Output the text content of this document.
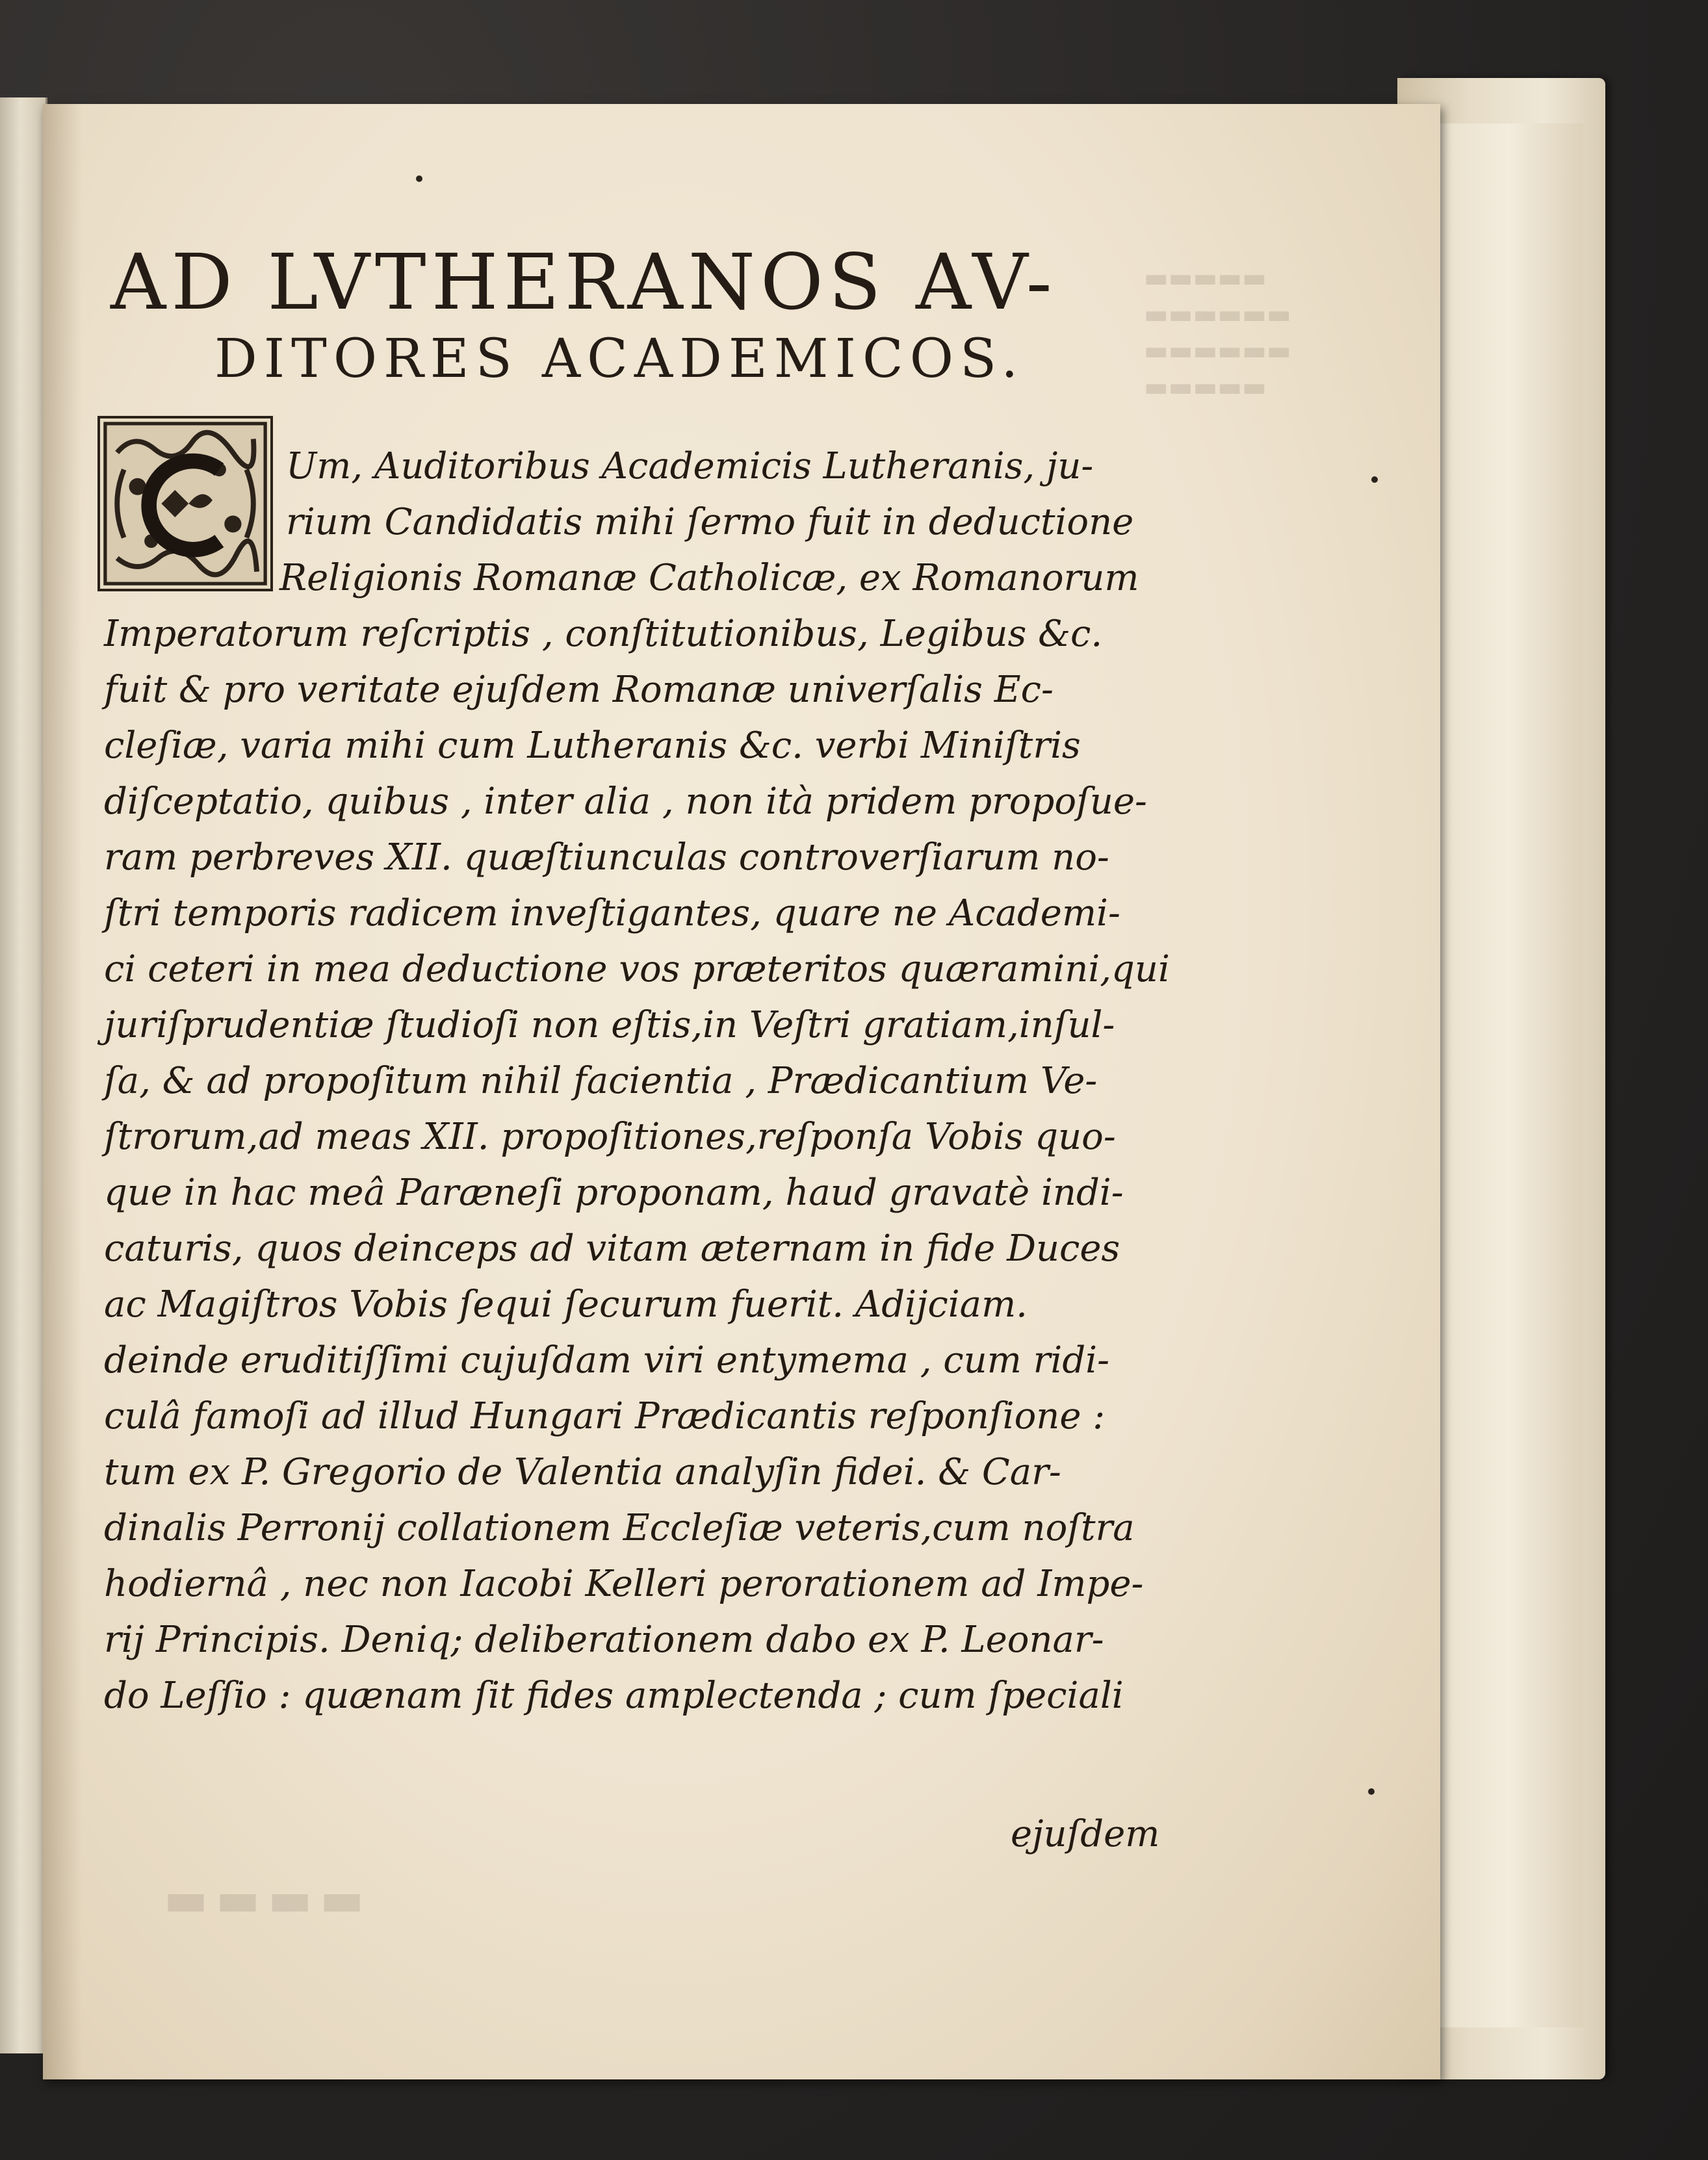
▬▬▬▬▬
▬▬▬▬▬▬
▬▬▬▬▬▬
▬▬▬▬▬
▬▬▬▬
AD LVTHERANOS AV-
DITORES ACADEMICOS.
Um, Auditoribus Academicis Lutheranis, ju-
rium Candidatis mihi ſermo fuit in deductione
Religionis Romanæ Catholicæ, ex Romanorum
Imperatorum reſcriptis , conſtitutionibus, Legibus &c.
fuit & pro veritate ejuſdem Romanæ univerſalis Ec-
cleſiæ, varia mihi cum Lutheranis &c. verbi Miniſtris
diſceptatio, quibus , inter alia , non ità pridem propoſue-
ram perbreves XII. quæſtiunculas controverſiarum no-
ſtri temporis radicem inveſtigantes, quare ne Academi-
ci ceteri in mea deductione vos præteritos quæramini,qui
juriſprudentiæ ſtudioſi non eſtis,in Veſtri gratiam,inſul-
ſa, & ad propoſitum nihil facientia , Prædicantium Ve-
ſtrorum,ad meas XII. propoſitiones,reſponſa Vobis quo-
que in hac meâ Paræneſi proponam, haud gravatè indi-
caturis, quos deinceps ad vitam æternam in fide Duces
ac Magiſtros Vobis ſequi ſecurum fuerit. Adijciam.
deinde eruditiſſimi cujuſdam viri entymema , cum ridi-
culâ famoſi ad illud Hungari Prædicantis reſponſione :
tum ex P. Gregorio de Valentia analyſin fidei. & Car-
dinalis Perronij collationem Eccleſiæ veteris,cum noſtra
hodiernâ , nec non Iacobi Kelleri perorationem ad Impe-
rij Principis. Deniq; deliberationem dabo ex P. Leonar-
do Leſſio : quænam ſit fides amplectenda ; cum ſpeciali
ejuſdem
